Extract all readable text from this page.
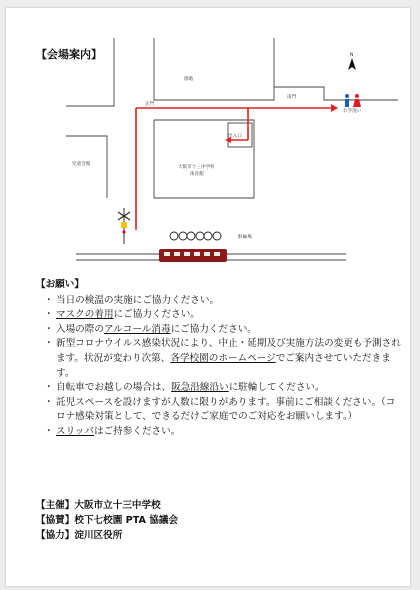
【会場案内】	N
園地
正門
南門
お手洗い
出入口
大阪市十三中学校
体育館
児童会館
駐輪場
【お願い】
・ 当日の検温の実施にご協力ください。
・ マスクの着用にご協力ください。
・ 入場の際のアルコール消毒にご協力ください。
・ 新型コロナウイルス感染状況により、中止・延期及び実施方法の変更も予測されます。状況が変わり次第、各学校園のホームページでご案内させていただきます。
・ 自転車でお越しの場合は、阪急沿線沿いに駐輪してください。
・ 託児スペースを設けますが人数に限りがあります。事前にご相談ください。（コロナ感染対策として、できるだけご家庭でのご対応をお願いします。）
・ スリッパはご持参ください。
【主催】大阪市立十三中学校
【協賛】校下七校園 PTA 協議会
【協力】淀川区役所
